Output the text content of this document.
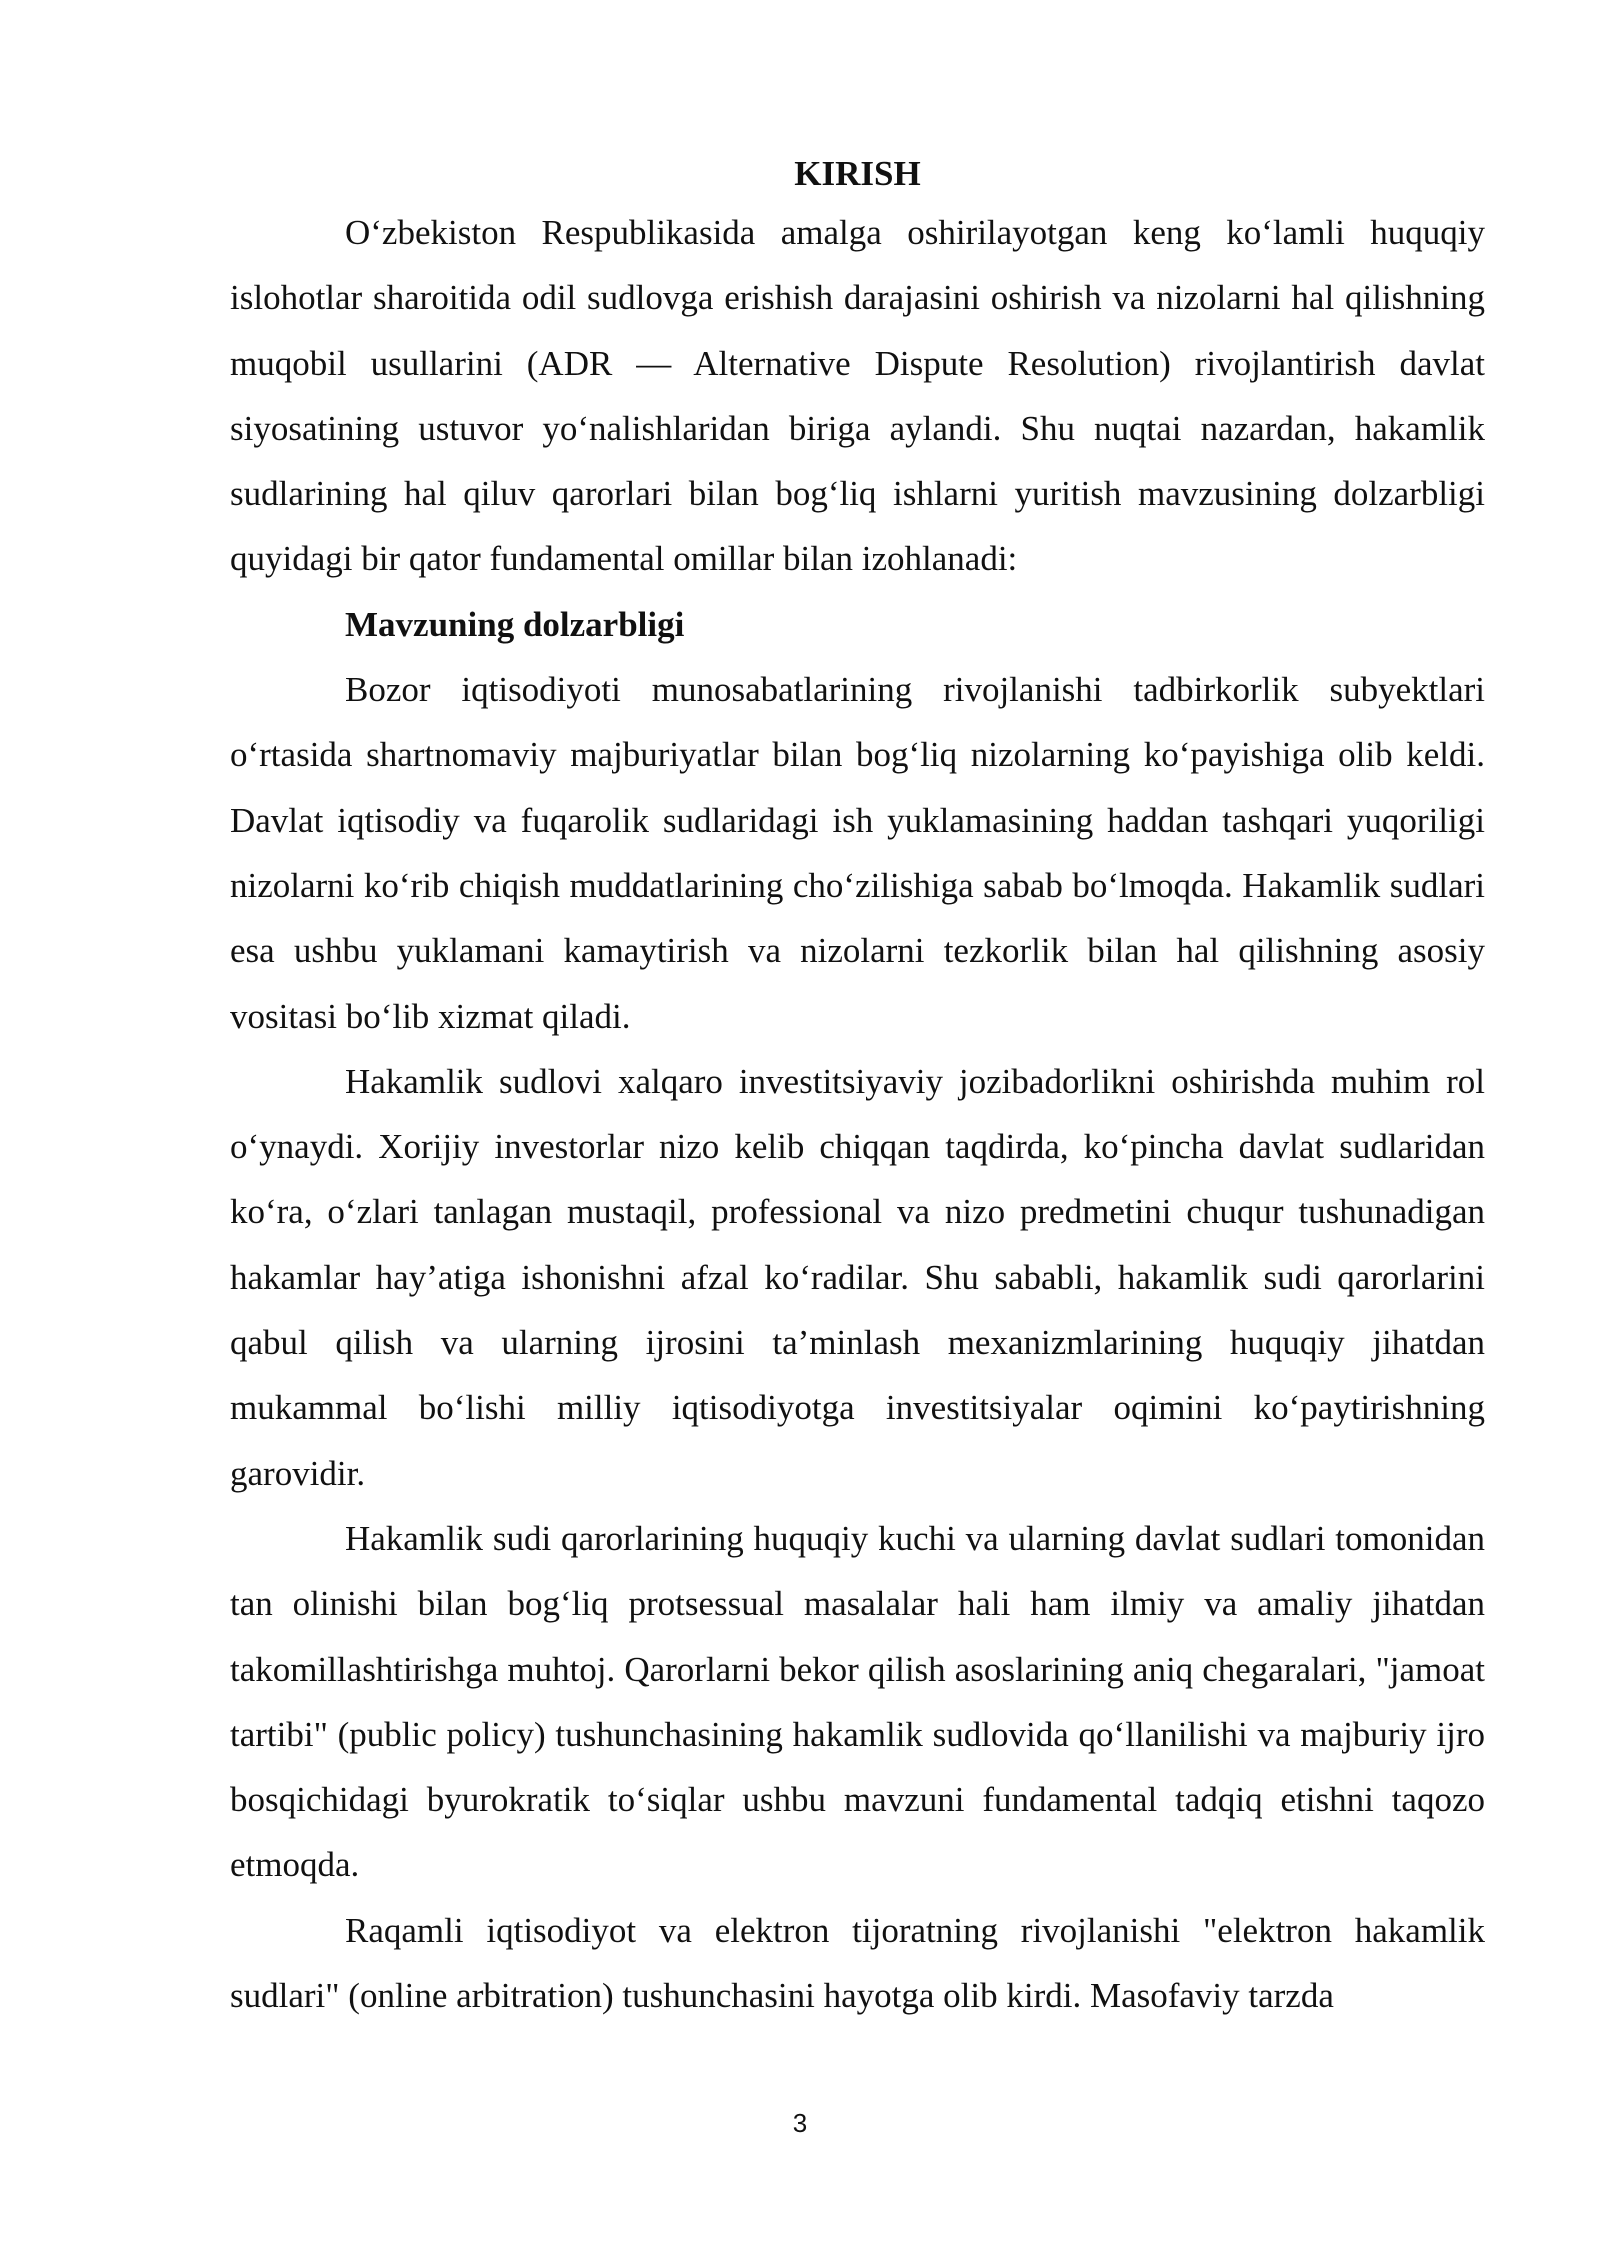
KIRISH

O‘zbekiston Respublikasida amalga oshirilayotgan keng ko‘lamli huquqiy islohotlar sharoitida odil sudlovga erishish darajasini oshirish va nizolarni hal qilishning muqobil usullarini (ADR — Alternative Dispute Resolution) rivojlantirish davlat siyosatining ustuvor yo‘nalishlaridan biriga aylandi. Shu nuqtai nazardan, hakamlik sudlarining hal qiluv qarorlari bilan bog‘liq ishlarni yuritish mavzusining dolzarbligi quyidagi bir qator fundamental omillar bilan izohlanadi:

Mavzuning dolzarbligi

Bozor iqtisodiyoti munosabatlarining rivojlanishi tadbirkorlik subyektlari o‘rtasida shartnomaviy majburiyatlar bilan bog‘liq nizolarning ko‘payishiga olib keldi. Davlat iqtisodiy va fuqarolik sudlaridagi ish yuklamasining haddan tashqari yuqoriligi nizolarni ko‘rib chiqish muddatlarining cho‘zilishiga sabab bo‘lmoqda. Hakamlik sudlari esa ushbu yuklamani kamaytirish va nizolarni tezkorlik bilan hal qilishning asosiy vositasi bo‘lib xizmat qiladi.

Hakamlik sudlovi xalqaro investitsiyaviy jozibadorlikni oshirishda muhim rol o‘ynaydi. Xorijiy investorlar nizo kelib chiqqan taqdirda, ko‘pincha davlat sudlaridan ko‘ra, o‘zlari tanlagan mustaqil, professional va nizo predmetini chuqur tushunadigan hakamlar hay’atiga ishonishni afzal ko‘radilar. Shu sababli, hakamlik sudi qarorlarini qabul qilish va ularning ijrosini ta’minlash mexanizmlarining huquqiy jihatdan mukammal bo‘lishi milliy iqtisodiyotga investitsiyalar oqimini ko‘paytirishning garovidir.

Hakamlik sudi qarorlarining huquqiy kuchi va ularning davlat sudlari tomonidan tan olinishi bilan bog‘liq protsessual masalalar hali ham ilmiy va amaliy jihatdan takomillashtirishga muhtoj. Qarorlarni bekor qilish asoslarining aniq chegaralari, "jamoat tartibi" (public policy) tushunchasining hakamlik sudlovida qo‘llanilishi va majburiy ijro bosqichidagi byurokratik to‘siqlar ushbu mavzuni fundamental tadqiq etishni taqozo etmoqda.

Raqamli iqtisodiyot va elektron tijoratning rivojlanishi "elektron hakamlik sudlari" (online arbitration) tushunchasini hayotga olib kirdi. Masofaviy tarzda

3
